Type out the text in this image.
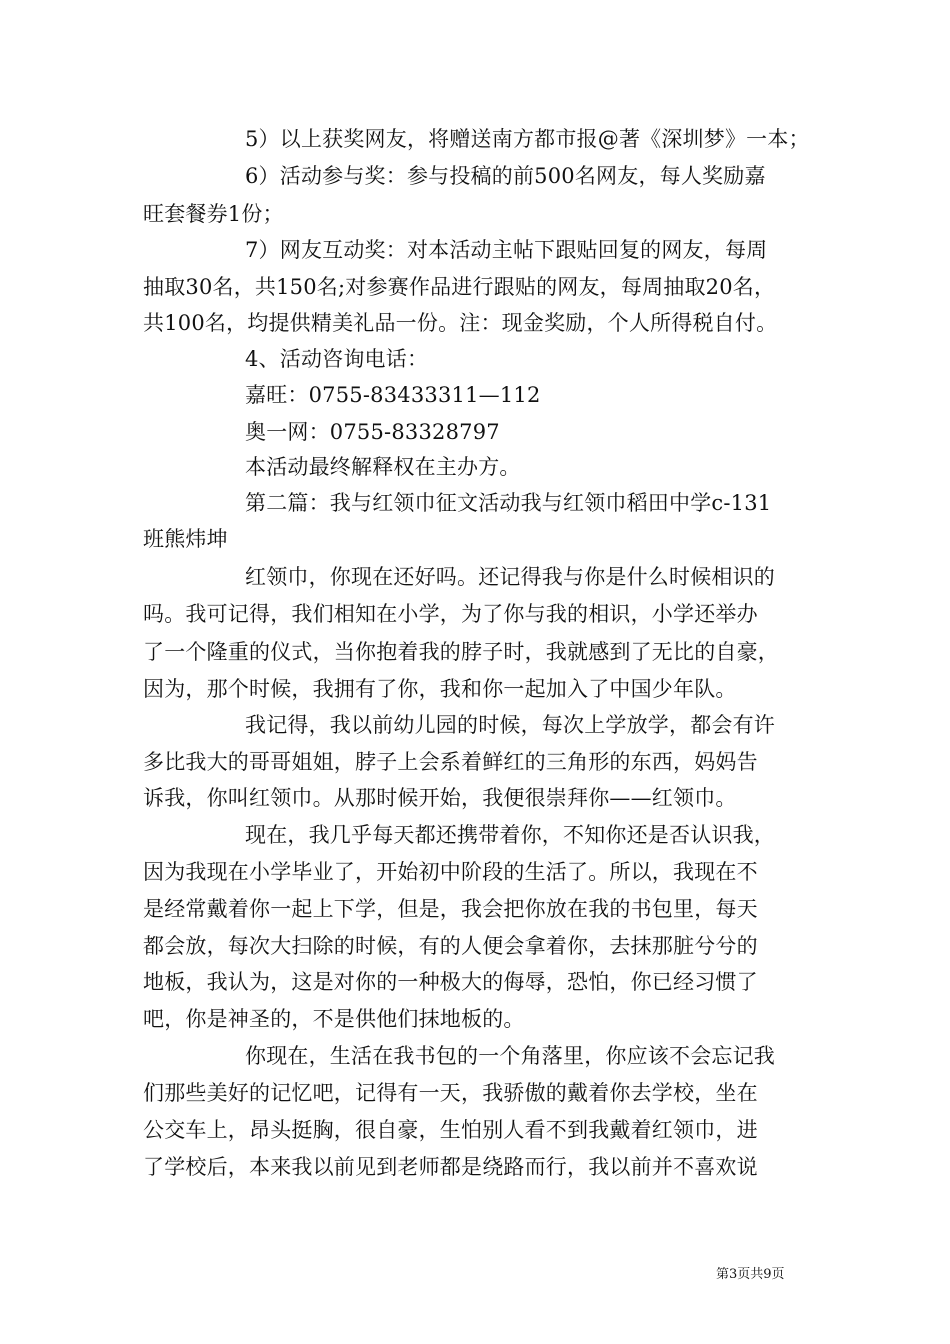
5）以上获奖网友，将赠送南方都市报@著《深圳梦》一本；
6）活动参与奖：参与投稿的前500名网友，每人奖励嘉
旺套餐券1份；
7）网友互动奖：对本活动主帖下跟贴回复的网友，每周
抽取30名，共150名;对参赛作品进行跟贴的网友，每周抽取20名，
共100名，均提供精美礼品一份。注：现金奖励，个人所得税自付。
4、活动咨询电话：
嘉旺：0755-83433311—112
奥一网：0755-83328797
本活动最终解释权在主办方。
第二篇：我与红领巾征文活动我与红领巾稻田中学c-131
班熊炜坤
红领巾，你现在还好吗。还记得我与你是什么时候相识的
吗。我可记得，我们相知在小学，为了你与我的相识，小学还举办
了一个隆重的仪式，当你抱着我的脖子时，我就感到了无比的自豪，
因为，那个时候，我拥有了你，我和你一起加入了中国少年队。
我记得，我以前幼儿园的时候，每次上学放学，都会有许
多比我大的哥哥姐姐，脖子上会系着鲜红的三角形的东西，妈妈告
诉我，你叫红领巾。从那时候开始，我便很崇拜你——红领巾。
现在，我几乎每天都还携带着你，不知你还是否认识我，
因为我现在小学毕业了，开始初中阶段的生活了。所以，我现在不
是经常戴着你一起上下学，但是，我会把你放在我的书包里，每天
都会放，每次大扫除的时候，有的人便会拿着你，去抹那脏兮兮的
地板，我认为，这是对你的一种极大的侮辱，恐怕，你已经习惯了
吧，你是神圣的，不是供他们抹地板的。
你现在，生活在我书包的一个角落里，你应该不会忘记我
们那些美好的记忆吧，记得有一天，我骄傲的戴着你去学校，坐在
公交车上，昂头挺胸，很自豪，生怕别人看不到我戴着红领巾，进
了学校后，本来我以前见到老师都是绕路而行，我以前并不喜欢说
第3页共9页
